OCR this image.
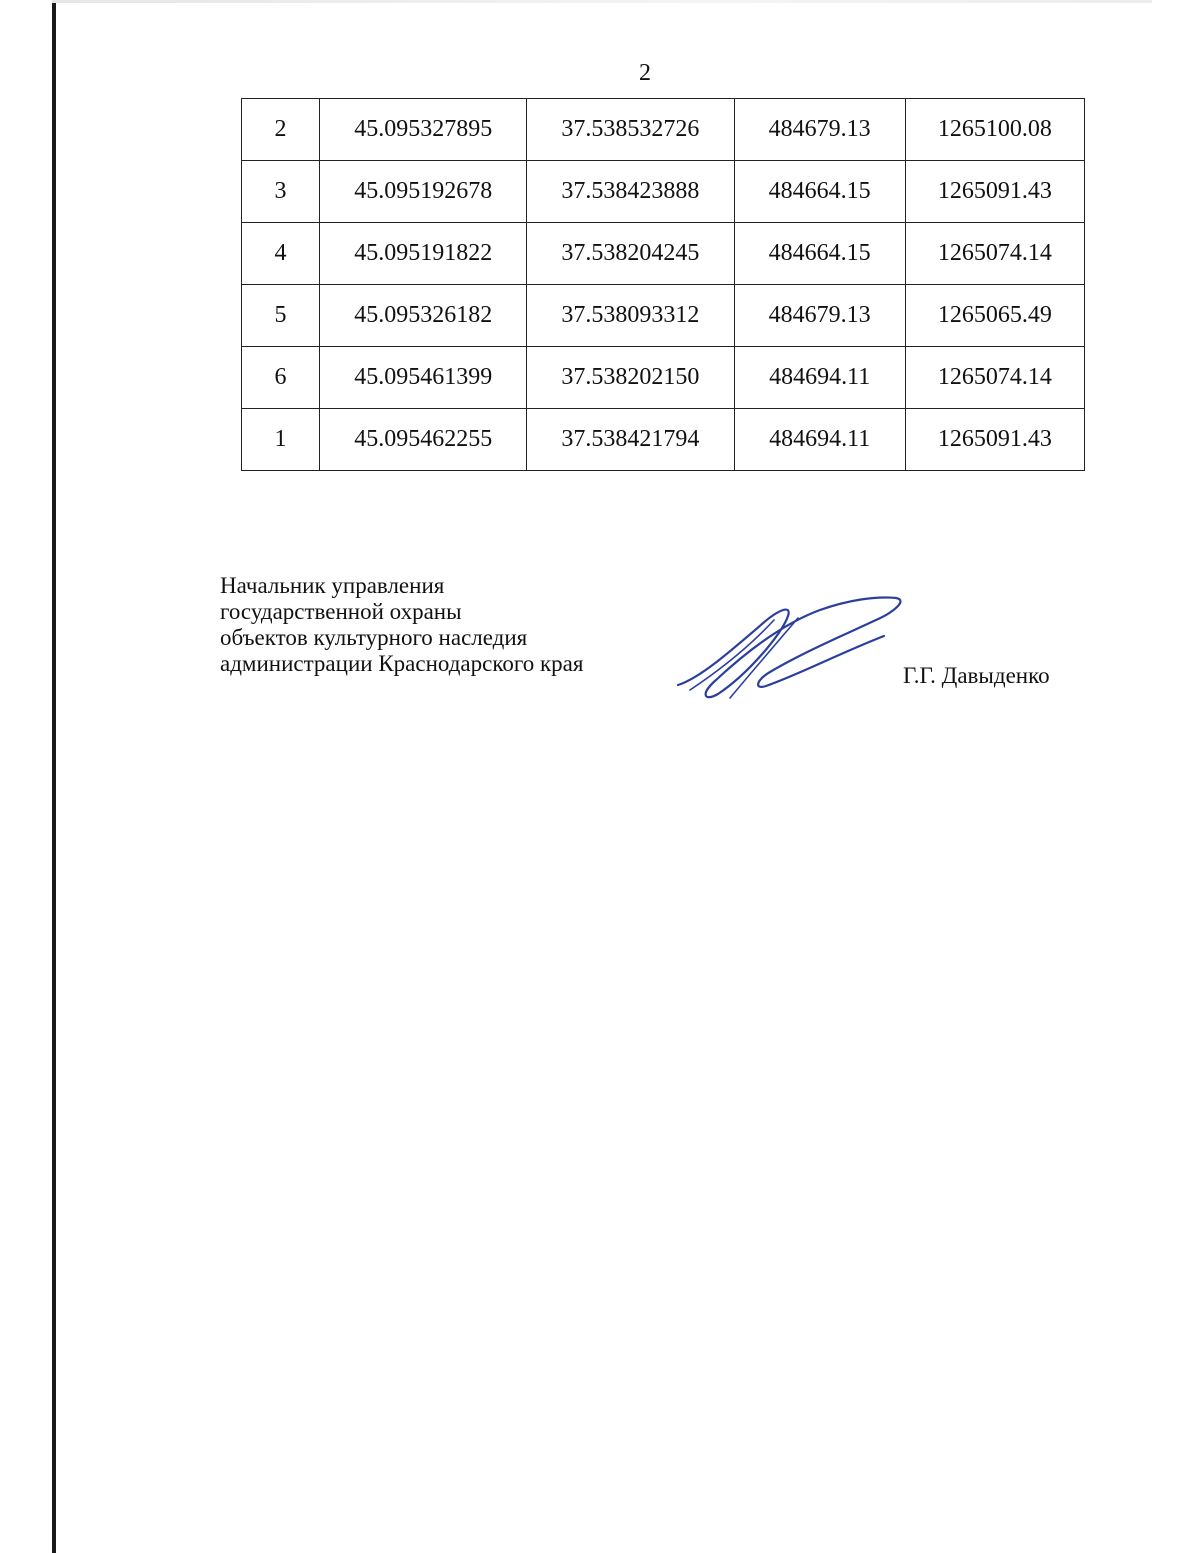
2
2	45.095327895	37.538532726	484679.13	1265100.08
3	45.095192678	37.538423888	484664.15	1265091.43
4	45.095191822	37.538204245	484664.15	1265074.14
5	45.095326182	37.538093312	484679.13	1265065.49
6	45.095461399	37.538202150	484694.11	1265074.14
1	45.095462255	37.538421794	484694.11	1265091.43
Начальник управления
государственной охраны
объектов культурного наследия
администрации Краснодарского края	Г.Г. Давыденко
